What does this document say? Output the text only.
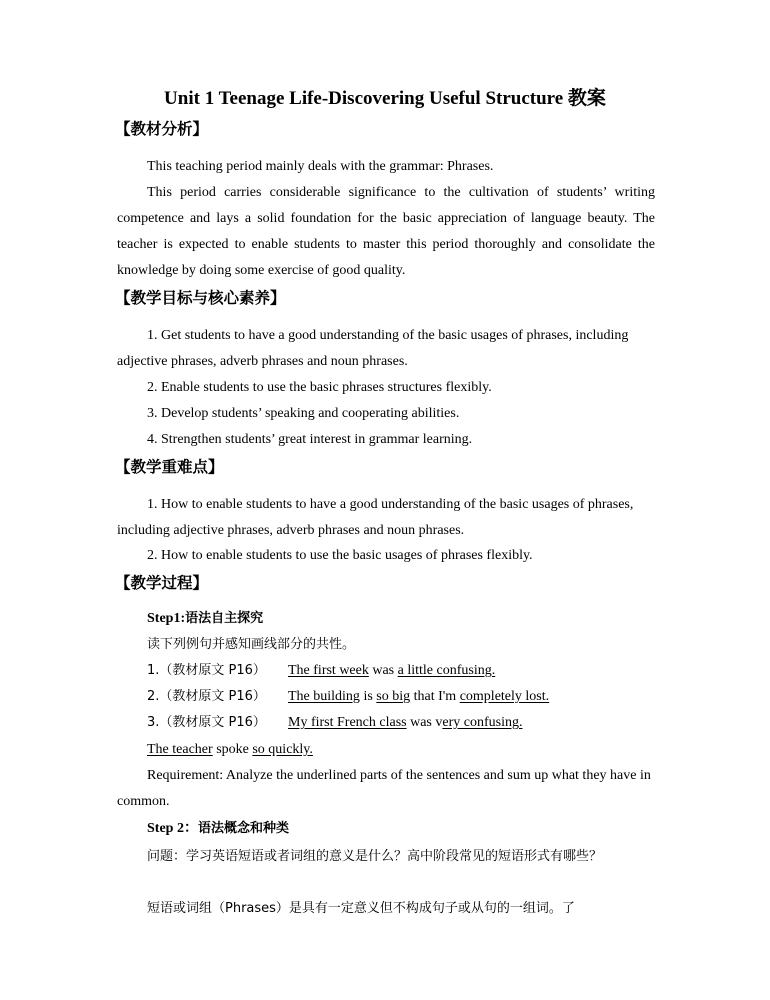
Unit 1 Teenage Life-Discovering Useful Structure 教案
【教材分析】
This teaching period mainly deals with the grammar: Phrases.
This period carries considerable significance to the cultivation of students’ writing competence and lays a solid foundation for the basic appreciation of language beauty. The teacher is expected to enable students to master this period thoroughly and consolidate the knowledge by doing some exercise of good quality.
【教学目标与核心素养】
1. Get students to have a good understanding of the basic usages of phrases, including adjective phrases, adverb phrases and noun phrases.
2. Enable students to use the basic phrases structures flexibly.
3. Develop students’ speaking and cooperating abilities.
4. Strengthen students’ great interest in grammar learning.
【教学重难点】
1. How to enable students to have a good understanding of the basic usages of phrases, including adjective phrases, adverb phrases and noun phrases.
2. How to enable students to use the basic usages of phrases flexibly.
【教学过程】
Step1:语法自主探究
读下列例句并感知画线部分的共性。
1.（教材原文 P16） The first week was a little confusing.
2.（教材原文 P16） The building is so big that I'm completely lost.
3.（教材原文 P16） My first French class was very confusing.
The teacher spoke so quickly.
Requirement: Analyze the underlined parts of the sentences and sum up what they have in common.
Step 2：语法概念和种类
问题：学习英语短语或者词组的意义是什么？高中阶段常见的短语形式有哪些？
短语或词组（Phrases）是具有一定意义但不构成句子或从句的一组词。了
